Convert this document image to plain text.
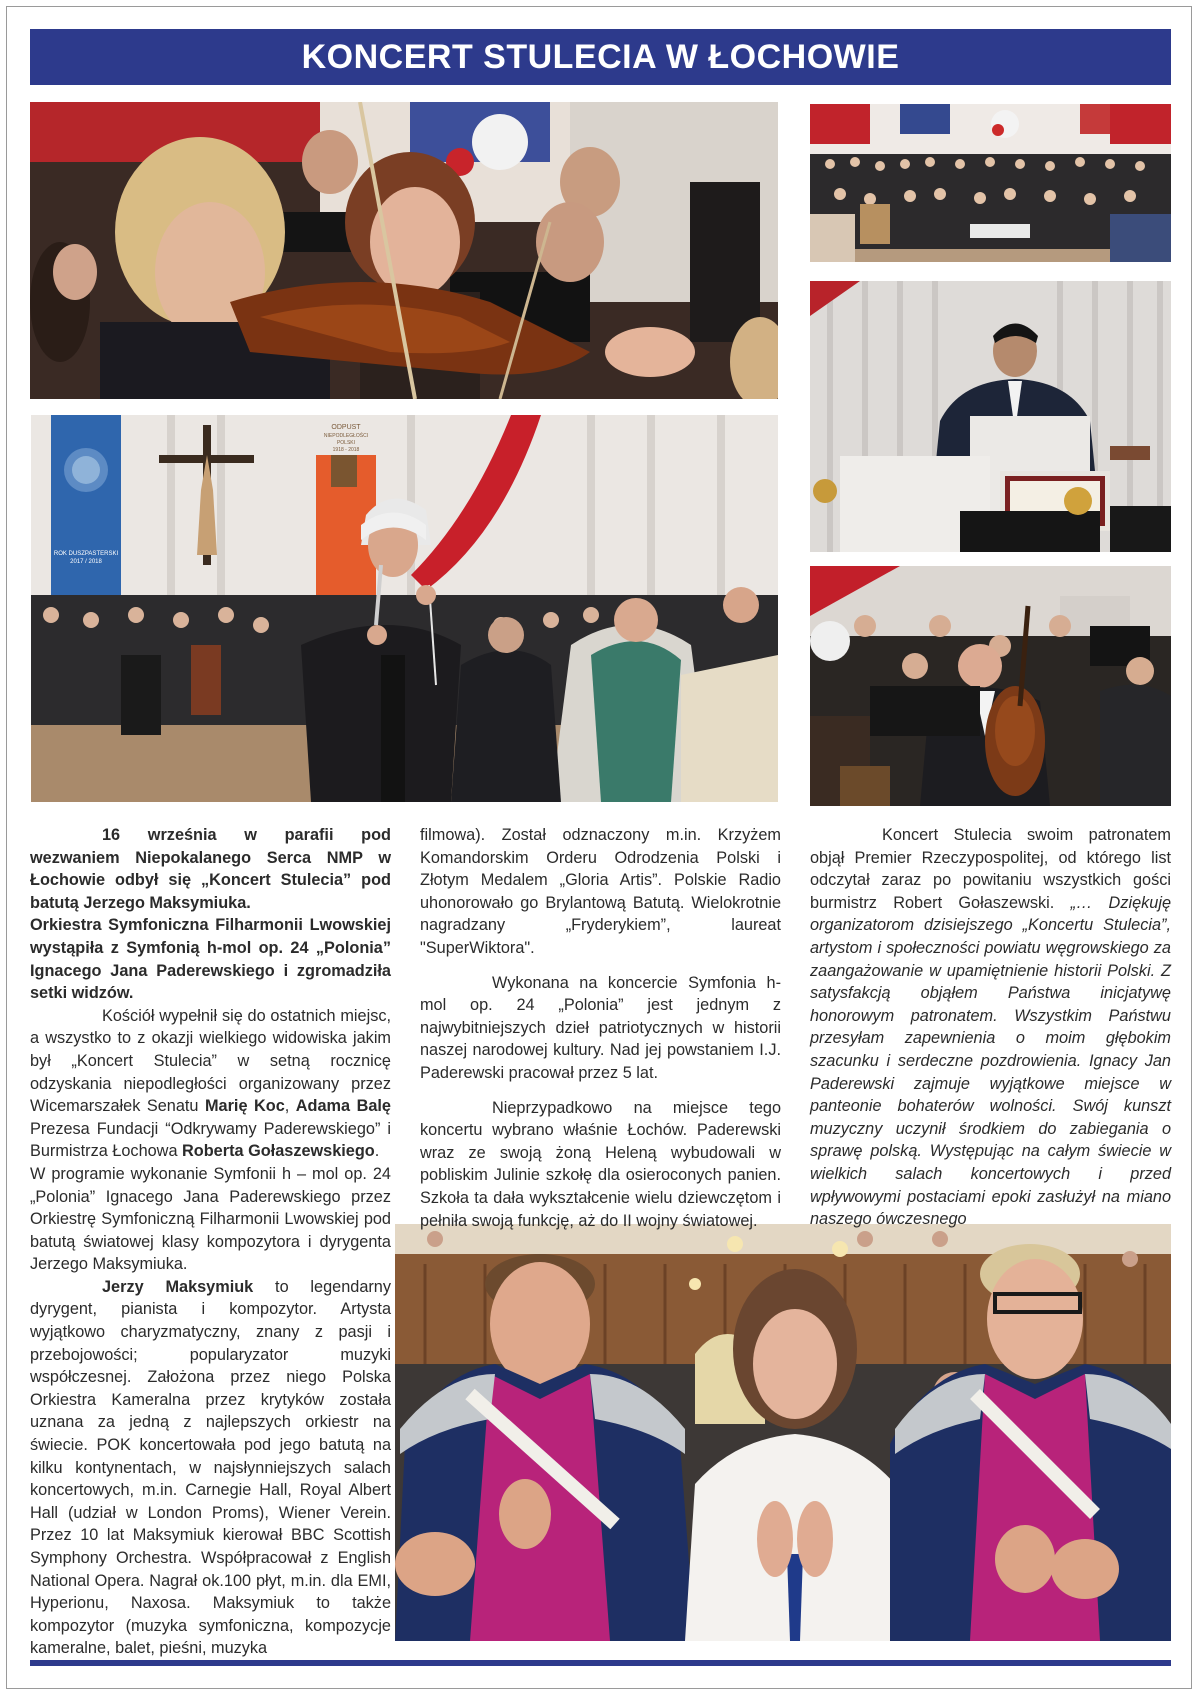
KONCERT STULECIA W ŁOCHOWIE
ROK DUSZPASTERSKI
2017 / 2018
ODPUST
NIEPODLEGŁOŚCI
POLSKI
1918 - 2018

16 września w parafii pod wezwaniem Niepokalanego Serca NMP w Łochowie odbył się „Koncert Stulecia” pod batutą Jerzego Maksymiuka.

Orkiestra Symfoniczna Filharmonii Lwowskiej wystąpiła z Symfonią h-mol op. 24 „Polonia” Ignacego Jana Paderewskiego i zgromadziła setki widzów.

Kościół wypełnił się do ostatnich miejsc, a wszystko to z okazji wielkiego widowiska jakim był „Koncert Stulecia” w setną rocznicę odzyskania niepodległości organizowany przez Wicemarszałek Senatu Marię Koc, Adama Balę Prezesa Fundacji “Odkrywamy Paderewskiego” i Burmistrza Łochowa Roberta Gołaszewskiego.

W programie wykonanie Symfonii h – mol op. 24 „Polonia” Ignacego Jana Paderewskiego przez Orkiestrę Symfoniczną Filharmonii Lwowskiej pod batutą światowej klasy kompozytora i dyrygenta Jerzego Maksymiuka.

Jerzy Maksymiuk to legendarny dyrygent, pianista i kompozytor. Artysta wyjątkowo charyzmatyczny, znany z pasji i przebojowości; popularyzator muzyki współczesnej. Założona przez niego Polska Orkiestra Kameralna przez krytyków została uznana za jedną z najlepszych orkiestr na świecie. POK koncertowała pod jego batutą na kilku kontynentach, w najsłynniejszych salach koncertowych, m.in. Carnegie Hall, Royal Albert Hall (udział w London Proms), Wiener Verein. Przez 10 lat Maksymiuk kierował BBC Scottish Symphony Orchestra. Współpracował z English National Opera. Nagrał ok.100 płyt, m.in. dla EMI, Hyperionu, Naxosa. Maksymiuk to także kompozytor (muzyka symfoniczna, kompozycje kameralne, balet, pieśni, muzyka

filmowa). Został odznaczony m.in. Krzyżem Komandorskim Orderu Odrodzenia Polski i Złotym Medalem „Gloria Artis”. Polskie Radio uhonorowało go Brylantową Batutą. Wielokrotnie nagradzany „Fryderykiem”, laureat "SuperWiktora".

Wykonana na koncercie Symfonia h-mol op. 24 „Polonia” jest jednym z najwybitniejszych dzieł patriotycznych w historii naszej narodowej kultury. Nad jej powstaniem I.J. Paderewski pracował przez 5 lat.

Nieprzypadkowo na miejsce tego koncertu wybrano właśnie Łochów. Paderewski wraz ze swoją żoną Heleną wybudowali w pobliskim Julinie szkołę dla osieroconych panien. Szkoła ta dała wykształcenie wielu dziewczętom i pełniła swoją funkcję, aż do II wojny światowej.

Koncert Stulecia swoim patronatem objął Premier Rzeczypospolitej, od którego list odczytał zaraz po powitaniu wszystkich gości burmistrz Robert Gołaszewski. „… Dziękuję organizatorom dzisiejszego „Koncertu Stulecia”, artystom i społeczności powiatu węgrowskiego za zaangażowanie w upamiętnienie historii Polski. Z satysfakcją objąłem Państwa inicjatywę honorowym patronatem. Wszystkim Państwu przesyłam zapewnienia o moim głębokim szacunku i serdeczne pozdrowienia. Ignacy Jan Paderewski zajmuje wyjątkowe miejsce w panteonie bohaterów wolności. Swój kunszt muzyczny uczynił środkiem do zabiegania o sprawę polską. Występując na całym świecie w wielkich salach koncertowych i przed wpływowymi postaciami epoki zasłużył na miano naszego ówczesnego
